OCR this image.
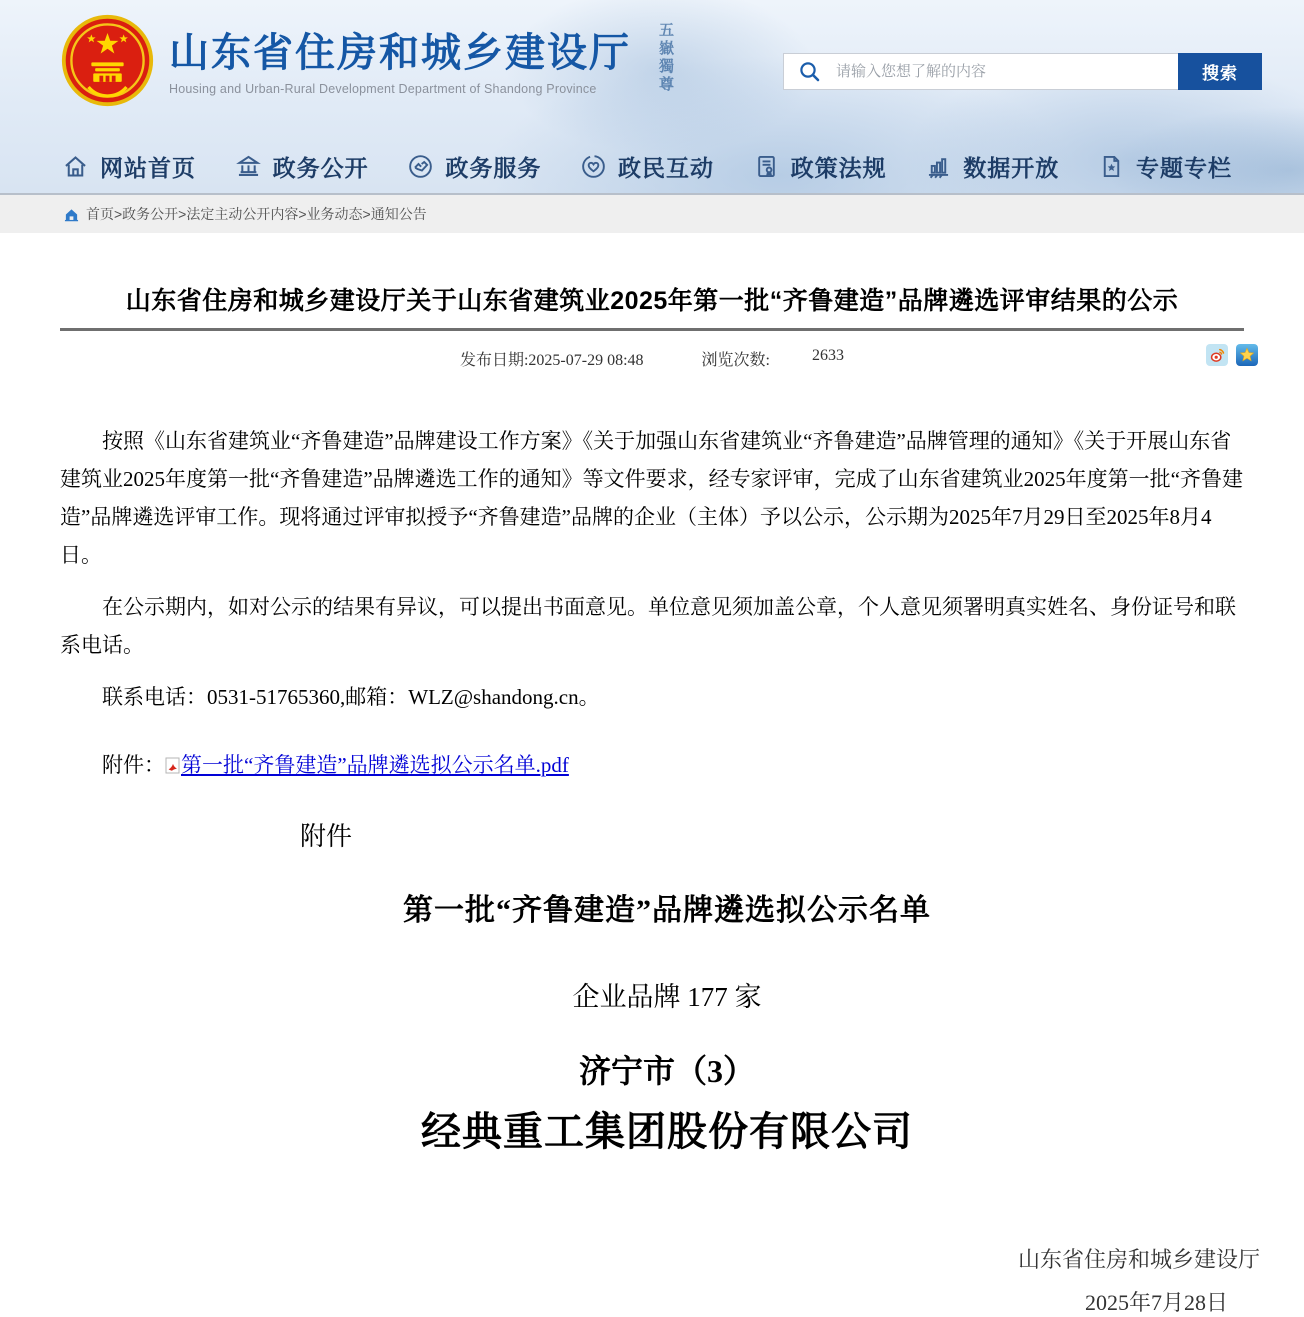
山东省住房和城乡建设厅
Housing and Urban-Rural Development Department of Shandong Province	五嶽獨尊
请输入您想了解的内容	搜索
网站首页	政务公开	政务服务	政民互动	政策法规	数据开放	专题专栏
首页>政务公开>法定主动公开内容>业务动态>通知公告
山东省住房和城乡建设厅关于山东省建筑业2025年第一批“齐鲁建造”品牌遴选评审结果的公示
发布日期:2025-07-29 08:48	浏览次数:	2633

按照《山东省建筑业“齐鲁建造”品牌建设工作方案》《关于加强山东省建筑业“齐鲁建造”品牌管理的通知》《关于开展山东省建筑业2025年度第一批“齐鲁建造”品牌遴选工作的通知》等文件要求，经专家评审，完成了山东省建筑业2025年度第一批“齐鲁建造”品牌遴选评审工作。现将通过评审拟授予“齐鲁建造”品牌的企业（主体）予以公示，公示期为2025年7月29日至2025年8月4日。

在公示期内，如对公示的结果有异议，可以提出书面意见。单位意见须加盖公章，个人意见须署明真实姓名、身份证号和联系电话。

联系电话：0531-51765360,邮箱：WLZ@shandong.cn。

附件： 第一批“齐鲁建造”品牌遴选拟公示名单.pdf
附件
第一批“齐鲁建造”品牌遴选拟公示名单
企业品牌 177 家
济宁市（3）
经典重工集团股份有限公司
山东省住房和城乡建设厅
2025年7月28日
